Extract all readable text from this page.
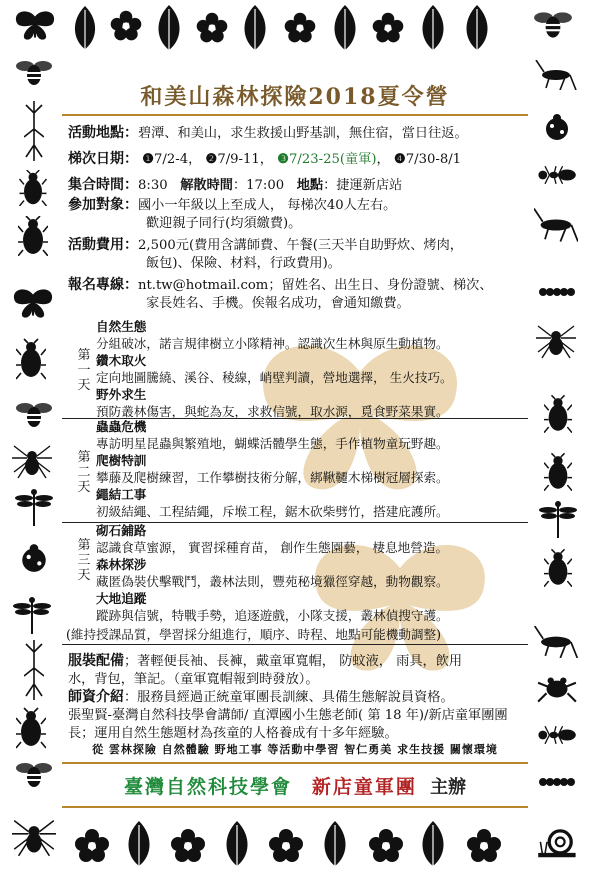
和美山森林探險2018夏令營
活動地點：碧潭、和美山，求生救援山野基訓，無住宿，當日往返。
梯次日期： ❶7/2-4， ❷7/9-11， ❸7/23-25(童軍)， ❹7/30-8/1
集合時間：8:30 解散時間：17:00 地點：捷運新店站
參加對象：國小一年級以上至成人， 每梯次40人左右。
歡迎親子同行(均須繳費)。
活動費用：2,500元(費用含講師費、午餐(三天半自助野炊、烤肉，
飯包)、保險、材料，行政費用)。
報名專線：nt.tw@hotmail.com；留姓名、出生日、身份證號、梯次、
家長姓名、手機。俟報名成功，會通知繳費。
第
一
天
自然生態
分組破冰，諾言規律樹立小隊精神。認識次生林與原生動植物。
鑽木取火
定向地圖騰繞、溪谷、稜線，峭壁判讀，營地選擇， 生火技巧。
野外求生
預防叢林傷害，與蛇為友，求救信號，取水源，覓食野菜果實。
第
二
天
蟲蟲危機
專訪明星昆蟲與繁殖地，蝴蝶活體學生態，手作植物童玩野趣。
爬樹特訓
攀藤及爬樹練習，工作攀樹技術分解，綁鞦韆木梯樹冠層探索。
繩結工事
初級結繩、工程結繩，斥堠工程，鋸木砍柴劈竹，搭建庇護所。
第
三
天
砌石鋪路
認識食草蜜源， 實習採種育苗， 創作生態園藝， 棲息地營造。
森林探涉
藏匿偽裝伏擊戰鬥，叢林法則，豐苑秘境獵徑穿越，動物觀察。
大地追蹤
蹤跡與信號，特戰手勢，追逐遊戲，小隊支援，叢林偵搜守護。
(維持授課品質，學習採分組進行，順序、時程、地點可能機動調整)
服裝配備；著輕便長袖、長褲，戴童軍寬帽， 防蚊液， 雨具，飲用
水，背包，筆記。（童軍寬帽報到時發放）。
師資介紹：服務員經過正統童軍團長訓練、具備生態解說員資格。
張聖賢-臺灣自然科技學會講師/ 直潭國小生態老師( 第 18 年)/新店童軍團團
長；運用自然生態題材為孩童的人格養成有十多年經驗。
從 雲林探險 自然體驗 野地工事 等活動中學習 智仁勇美 求生技援 關懷環境
臺灣自然科技學會 新店童軍團 主辦
